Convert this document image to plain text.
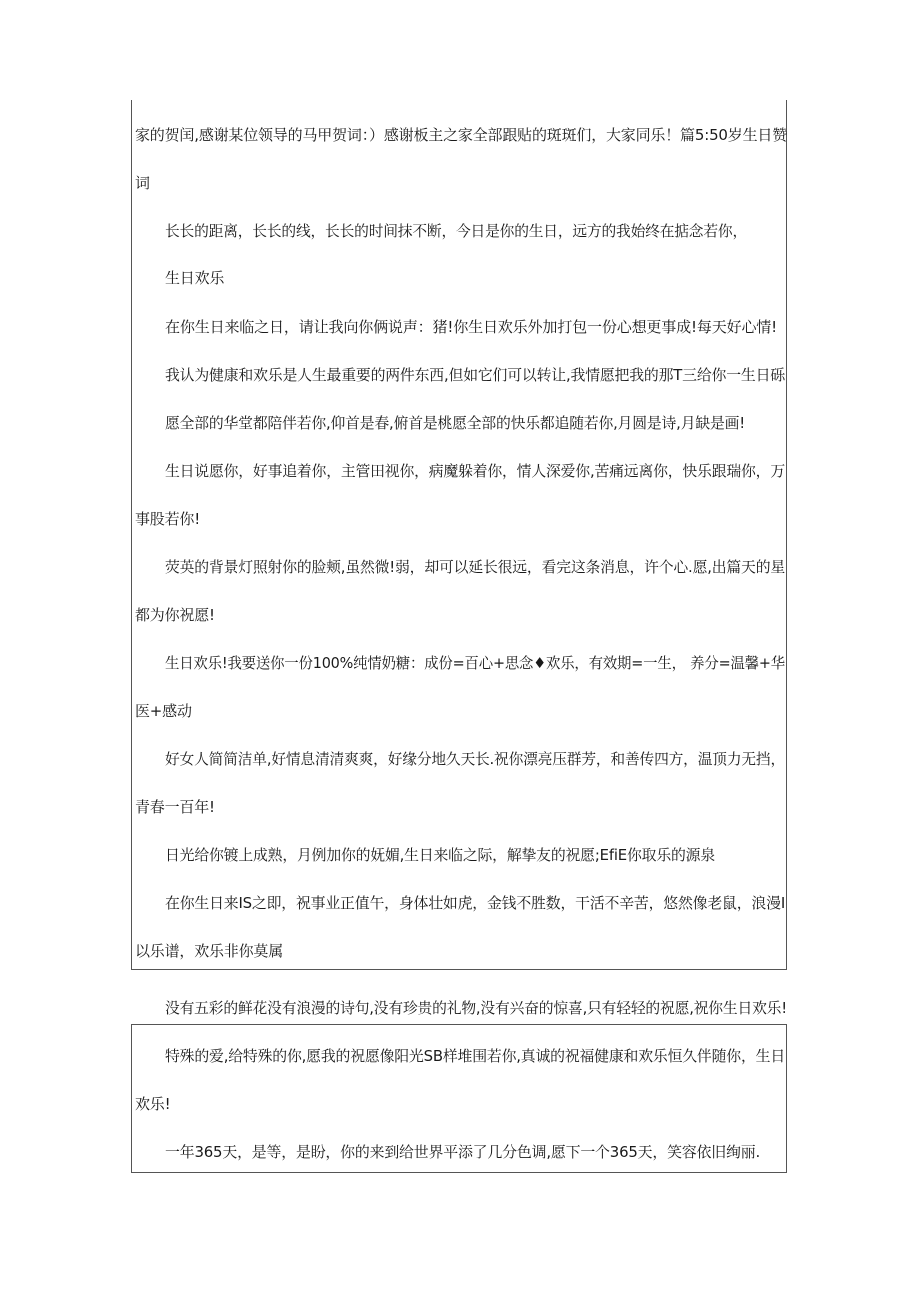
家的贺闰,感谢某位领导的马甲贺词：）感谢板主之家全部跟贴的斑斑们，大家同乐！篇5:50岁生日赞
词
长长的距离，长长的线，长长的时间抹不断，今日是你的生日，远方的我始终在掂念若你，
生日欢乐
在你生日来临之日，请让我向你俩说声：猪!你生日欢乐外加打包一份心想更事成!每天好心情!
我认为健康和欢乐是人生最重要的两件东西,但如它们可以转让,我情愿把我的那T三给你一生日砾
愿全部的华堂都陪伴若你,仰首是春,俯首是桃愿全部的快乐都追随若你,月圆是诗,月缺是画!
生日说愿你，好事追着你，主管田视你，病魔躲着你，情人深爱你,苦痛远离你，快乐跟瑞你，万
事股若你!
荧英的背景灯照射你的脸颊,虽然微!弱，却可以延长很远，看完这条消息，许个心.愿,出篇天的星
都为你祝愿!
生日欢乐!我要送你一份100%纯情奶糖：成份=百心+思念♦欢乐，有效期=一生， 养分=温馨+华
医+感动
好女人简简洁单,好情息清清爽爽，好缘分地久天长.祝你漂亮压群芳，和善传四方，温顶力无挡，
青春一百年!
日光给你镀上成熟，月例加你的妩媚,生日来临之际，解挚友的祝愿;EfiE你取乐的源泉
在你生日来IS之即，祝事业正值午，身体壮如虎，金钱不胜数，干活不辛苦，悠然像老鼠，浪漫I
以乐谱，欢乐非你莫属
没有五彩的鲜花没有浪漫的诗句,没有珍贵的礼物,没有兴奋的惊喜,只有轻轻的祝愿,祝你生日欢乐!
特殊的爱,给特殊的你,愿我的祝愿像阳光SB样堆围若你,真诚的祝福健康和欢乐恒久伴随你，生日
欢乐!
一年365天，是等，是盼，你的来到给世界平添了几分色调,愿下一个365天，笑容依旧绚丽.
